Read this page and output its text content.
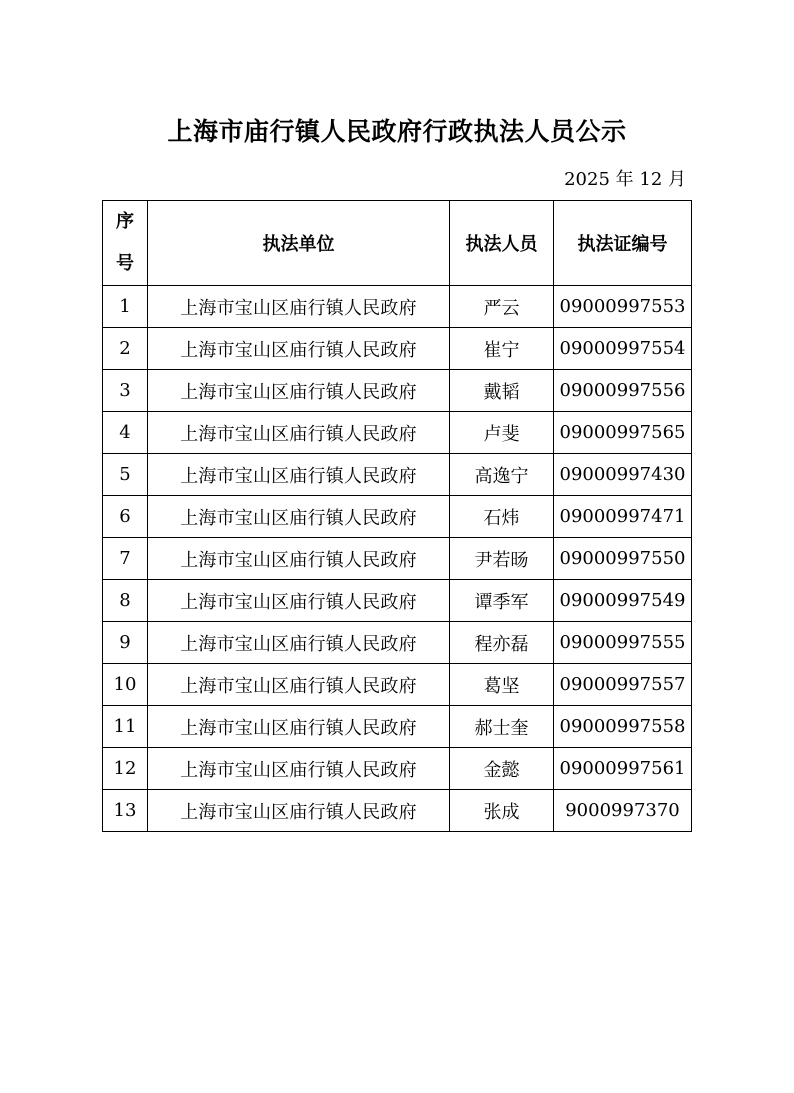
上海市庙行镇人民政府行政执法人员公示
2025 年 12 月
序
号	执法单位	执法人员	执法证编号
1	上海市宝山区庙行镇人民政府	严云	09000997553
2	上海市宝山区庙行镇人民政府	崔宁	09000997554
3	上海市宝山区庙行镇人民政府	戴韬	09000997556
4	上海市宝山区庙行镇人民政府	卢斐	09000997565
5	上海市宝山区庙行镇人民政府	高逸宁	09000997430
6	上海市宝山区庙行镇人民政府	石炜	09000997471
7	上海市宝山区庙行镇人民政府	尹若旸	09000997550
8	上海市宝山区庙行镇人民政府	谭季军	09000997549
9	上海市宝山区庙行镇人民政府	程亦磊	09000997555
10	上海市宝山区庙行镇人民政府	葛坚	09000997557
11	上海市宝山区庙行镇人民政府	郝士奎	09000997558
12	上海市宝山区庙行镇人民政府	金懿	09000997561
13	上海市宝山区庙行镇人民政府	张成	9000997370
